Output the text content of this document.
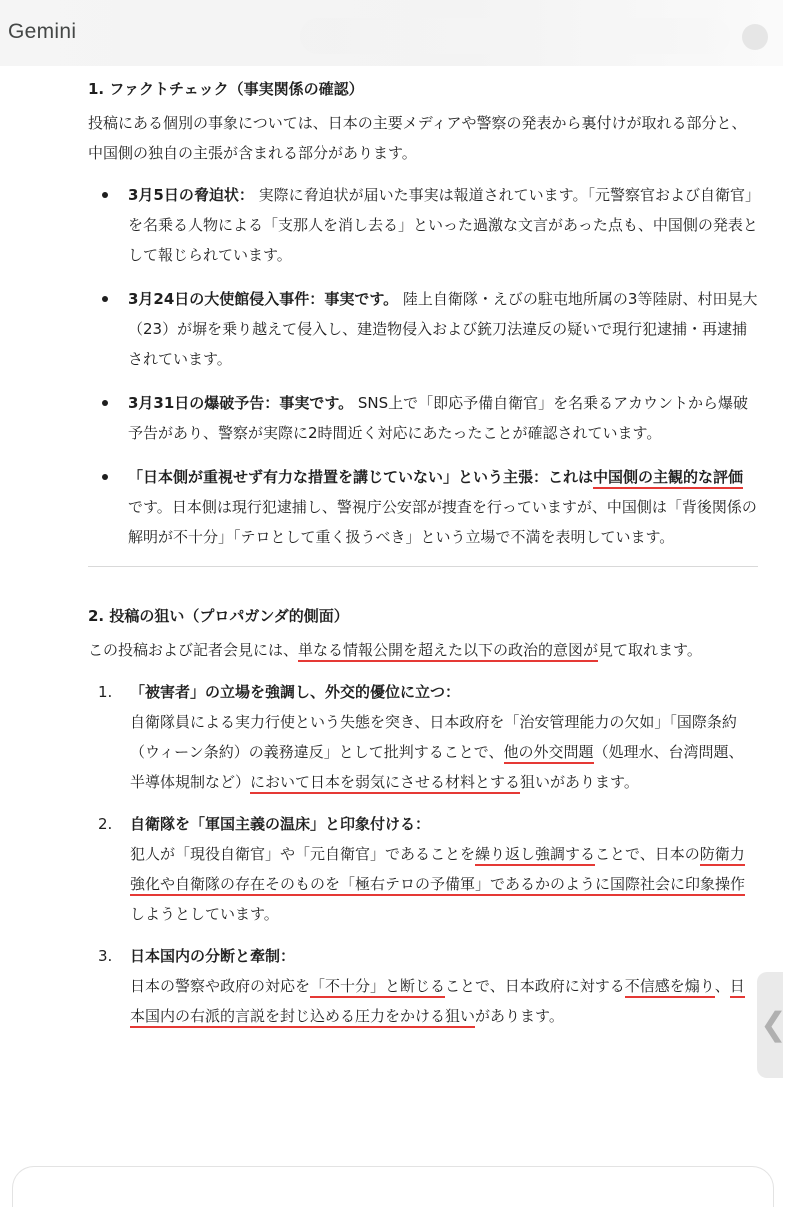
Gemini
1. ファクトチェック（事実関係の確認）

投稿にある個別の事象については、日本の主要メディアや警察の発表から裏付けが取れる部分と、中国側の独自の主張が含まれる部分があります。

3月5日の脅迫状： 実際に脅迫状が届いた事実は報道されています。「元警察官および自衛官」を名乗る人物による「支那人を消し去る」といった過激な文言があった点も、中国側の発表として報じられています。
3月24日の大使館侵入事件：事実です。 陸上自衛隊・えびの駐屯地所属の3等陸尉、村田晃大（23）が塀を乗り越えて侵入し、建造物侵入および銃刀法違反の疑いで現行犯逮捕・再逮捕されています。
3月31日の爆破予告：事実です。 SNS上で「即応予備自衛官」を名乗るアカウントから爆破予告があり、警察が実際に2時間近く対応にあたったことが確認されています。
「日本側が重視せず有力な措置を講じていない」という主張：これは中国側の主観的な評価です。日本側は現行犯逮捕し、警視庁公安部が捜査を行っていますが、中国側は「背後関係の解明が不十分」「テロとして重く扱うべき」という立場で不満を表明しています。
2. 投稿の狙い（プロパガンダ的側面）

この投稿および記者会見には、単なる情報公開を超えた以下の政治的意図が見て取れます。

1. 「被害者」の立場を強調し、外交的優位に立つ：
自衛隊員による実力行使という失態を突き、日本政府を「治安管理能力の欠如」「国際条約（ウィーン条約）の義務違反」として批判することで、他の外交問題（処理水、台湾問題、半導体規制など）において日本を弱気にさせる材料とする狙いがあります。
2. 自衛隊を「軍国主義の温床」と印象付ける：
犯人が「現役自衛官」や「元自衛官」であることを繰り返し強調することで、日本の防衛力強化や自衛隊の存在そのものを「極右テロの予備軍」であるかのように国際社会に印象操作しようとしています。
3. 日本国内の分断と牽制：
日本の警察や政府の対応を「不十分」と断じることで、日本政府に対する不信感を煽り、日本国内の右派的言説を封じ込める圧力をかける狙いがあります。	❮
